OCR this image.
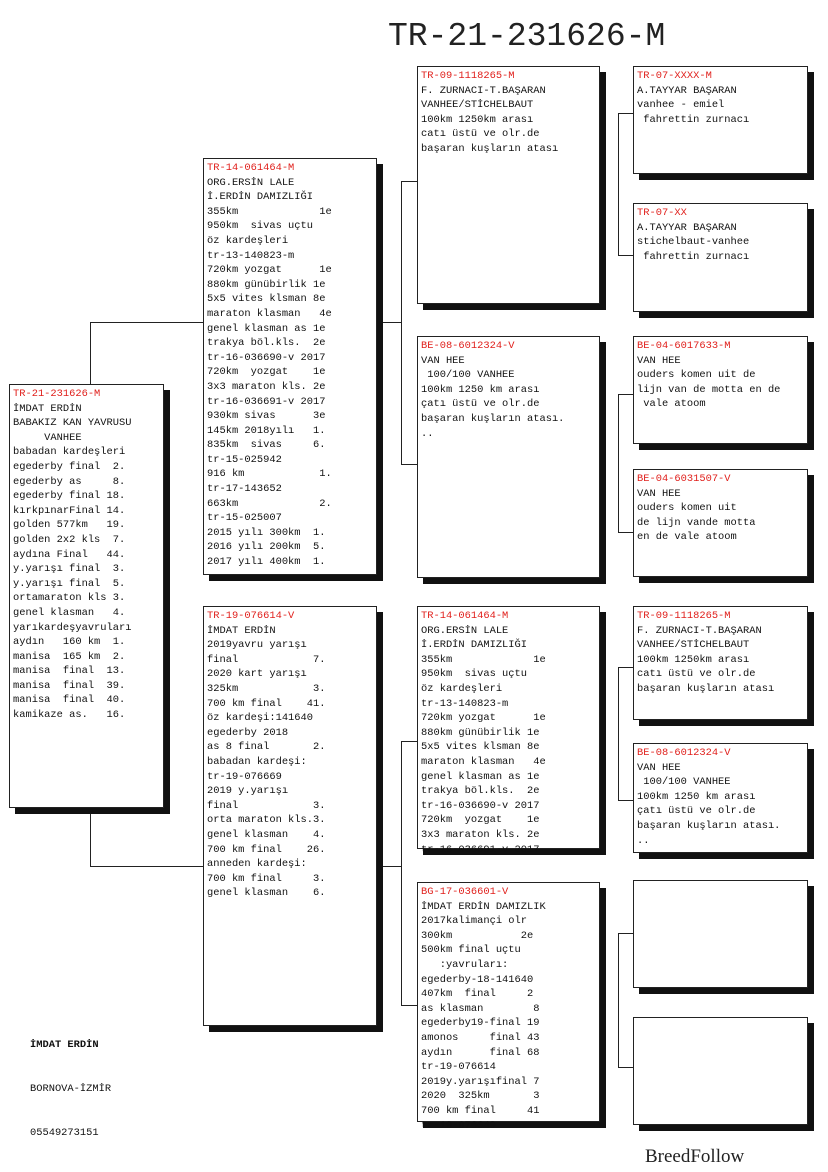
TR-21-231626-M
TR-21-231626-M
İMDAT ERDİN
BABAKIZ KAN YAVRUSU
VANHEE
babadan kardeşleri
egederby final  2.
egederby as     8.
egederby final 18.
kırkpınarFinal 14.
golden 577km   19.
golden 2x2 kls  7.
aydına Final   44.
y.yarışı final  3.
y.yarışı final  5.
ortamaraton kls 3.
genel klasman   4.
yarıkardeşyavruları
aydın   160 km  1.
manisa  165 km  2.
manisa  final  13.
manisa  final  39.
manisa  final  40.
kamikaze as.   16.
TR-14-061464-M
ORG.ERSİN LALE
İ.ERDİN DAMIZLIĞI
355km             1e
950km  sivas uçtu
öz kardeşleri
tr-13-140823-m
720km yozgat      1e
880km günübirlik 1e
5x5 vites klsman 8e
maraton klasman   4e
genel klasman as 1e
trakya böl.kls.  2e
tr-16-036690-v 2017
720km  yozgat    1e
3x3 maraton kls. 2e
tr-16-036691-v 2017
930km sivas      3e
145km 2018yılı   1.
835km  sivas     6.
tr-15-025942
916 km            1.
tr-17-143652
663km             2.
tr-15-025007
2015 yılı 300km  1.
2016 yılı 200km  5.
2017 yılı 400km  1.
TR-19-076614-V
İMDAT ERDİN
2019yavru yarışı
final            7.
2020 kart yarışı
325km            3.
700 km final    41.
öz kardeşi:141640
egederby 2018
as 8 final       2.
babadan kardeşi:
tr-19-076669
2019 y.yarışı
final            3.
orta maraton kls.3.
genel klasman    4.
700 km final    26.
anneden kardeşi:
700 km final     3.
genel klasman    6.
TR-09-1118265-M
F. ZURNACI-T.BAŞARAN
VANHEE/STİCHELBAUT
100km 1250km arası
catı üstü ve olr.de
başaran kuşların atası
BE-08-6012324-V
VAN HEE
100/100 VANHEE
100km 1250 km arası
çatı üstü ve olr.de
başaran kuşların atası.
..
TR-14-061464-M
ORG.ERSİN LALE
İ.ERDİN DAMIZLIĞI
355km             1e
950km  sivas uçtu
öz kardeşleri
tr-13-140823-m
720km yozgat      1e
880km günübirlik 1e
5x5 vites klsman 8e
maraton klasman   4e
genel klasman as 1e
trakya böl.kls.  2e
tr-16-036690-v 2017
720km  yozgat    1e
3x3 maraton kls. 2e
tr-16-036691-v 2017
BG-17-036601-V
İMDAT ERDİN DAMIZLIK
2017kalimançi olr
300km           2e
500km final uçtu
:yavruları:
egederby-18-141640
407km  final     2
as klasman        8
egederby19-final 19
amonos     final 43
aydın      final 68
tr-19-076614
2019y.yarışıfinal 7
2020  325km       3
700 km final     41
tr-19-076649
TR-07-XXXX-M
A.TAYYAR BAŞARAN
vanhee - emiel
fahrettin zurnacı
TR-07-XX
A.TAYYAR BAŞARAN
stichelbaut-vanhee
fahrettin zurnacı
BE-04-6017633-M
VAN HEE
ouders komen uit de
lijn van de motta en de
vale atoom
BE-04-6031507-V
VAN HEE
ouders komen uit
de lijn vande motta
en de vale atoom
TR-09-1118265-M
F. ZURNACI-T.BAŞARAN
VANHEE/STİCHELBAUT
100km 1250km arası
catı üstü ve olr.de
başaran kuşların atası
BE-08-6012324-V
VAN HEE
100/100 VANHEE
100km 1250 km arası
çatı üstü ve olr.de
başaran kuşların atası.
..

İMDAT ERDİN

BORNOVA-İZMİR

05549273151

BreedFollow
